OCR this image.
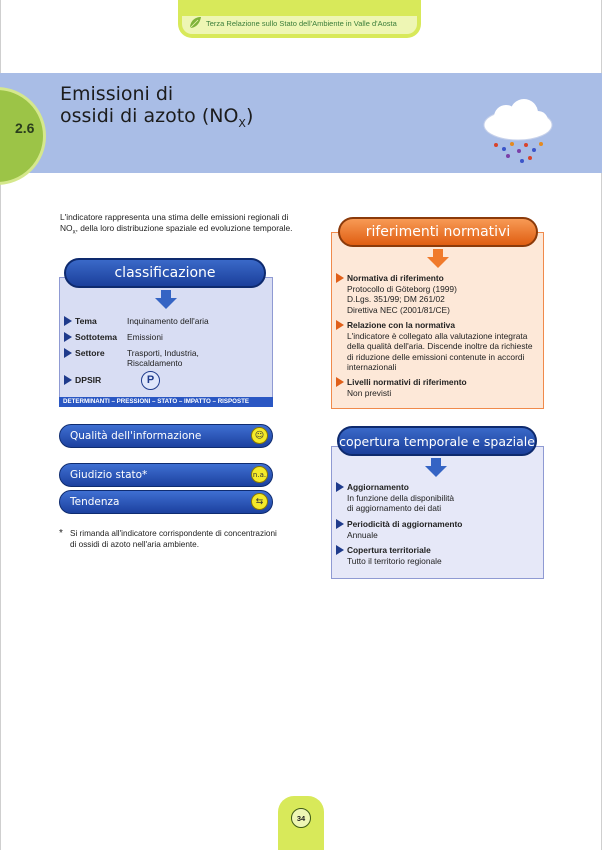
Terza Relazione sullo Stato dell'Ambiente in Valle d'Aosta
2.6
Emissioni di
ossidi di azoto $(NO_X)$
L'indicatore rappresenta una stima delle emissioni regionali di $NO_x$, della loro distribuzione spaziale ed evoluzione temporale.
classificazione
Tema	Inquinamento dell'aria
Sottotema Emissioni
Settore	Trasporti, Industria, Riscaldamento
DPSIR	P
DETERMINANTI – PRESSIONI – STATO – IMPATTO – RISPOSTE
Qualità dell'informazione	☺
Giudizio stato*	n.a.
Tendenza	⇆
* Si rimanda all'indicatore corrispondente di concentrazioni di ossidi di azoto nell'aria ambiente.
riferimenti normativi
Normativa di riferimento
Protocollo di Göteborg (1999)
D.Lgs. 351/99; DM 261/02
Direttiva NEC (2001/81/CE)
Relazione con la normativa
L'indicatore è collegato alla valutazione integrata della qualità dell'aria. Discende inoltre da richieste di riduzione delle emissioni contenute in accordi internazionali
Livelli normativi di riferimento
Non previsti
copertura temporale e spaziale
Aggiornamento
In funzione della disponibilità
di aggiornamento dei dati
Periodicità di aggiornamento
Annuale
Copertura territoriale
Tutto il territorio regionale
34
